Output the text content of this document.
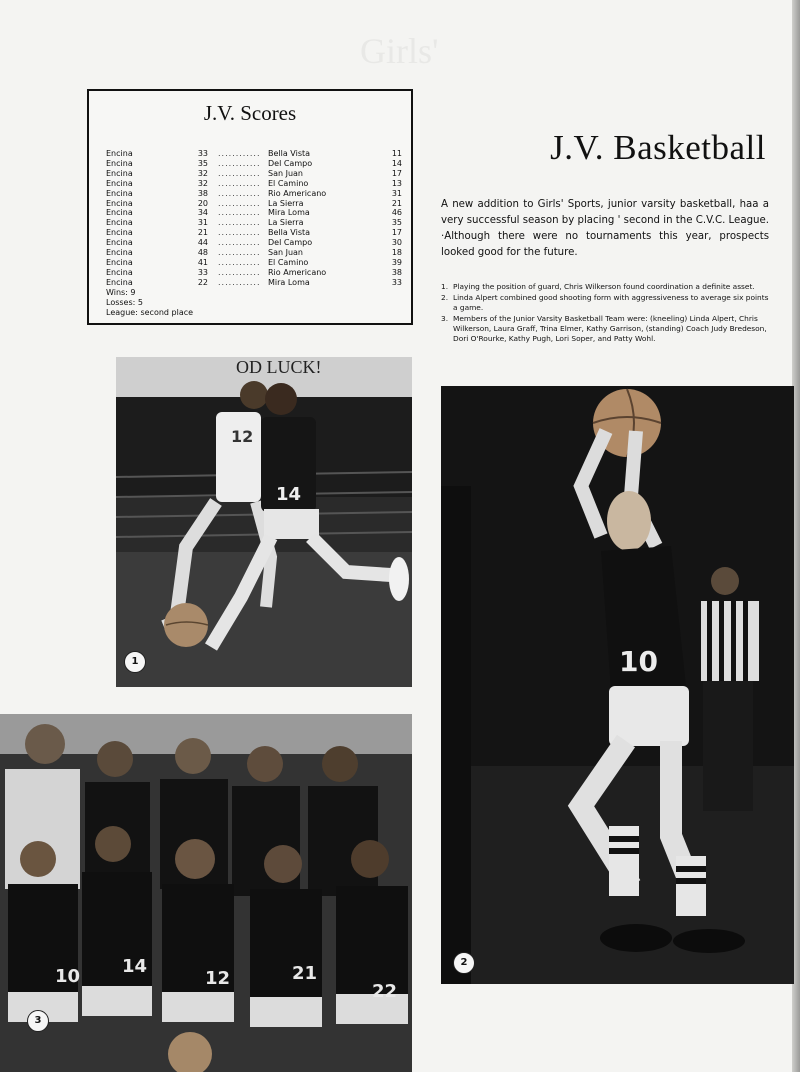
Girls'
J.V. Scores
Encina	33 ............ Bella Vista	11
Encina	35 ............ Del Campo	14
Encina	32 ............ San Juan	17
Encina	32 ............ El Camino	13
Encina	38 ............ Rio Americano	31
Encina	20 ............ La Sierra	21
Encina	34 ............ Mira Loma	46
Encina	31 ............ La Sierra	35
Encina	21 ............ Bella Vista	17
Encina	44 ............ Del Campo	30
Encina	48 ............ San Juan	18
Encina	41 ............ El Camino	39
Encina	33 ............ Rio Americano	38
Encina	22 ............ Mira Loma	33
Wins: 9
Losses: 5
League: second place
J.V. Basketball
A new addition to Girls' Sports, junior varsity basketball, haa a very successful season by placing ' second in the C.V.C. League. ·Although there were no tournaments this year, prospects looked good for the future.
1. Playing the position of guard, Chris Wilkerson found coordination a definite asset.
2. Linda Alpert combined good shooting form with aggressiveness to average six points a game.
3. Members of the Junior Varsity Basketball Team were: (kneeling) Linda Alpert, Chris Wilkerson, Laura Graff, Trina Elmer, Kathy Garrison, (standing) Coach Judy Bredeson, Dori O'Rourke, Kathy Pugh, Lori Soper, and Patty Wohl.
OD LUCK!
12
14
1	10
2
10 14
12	21
22
3
